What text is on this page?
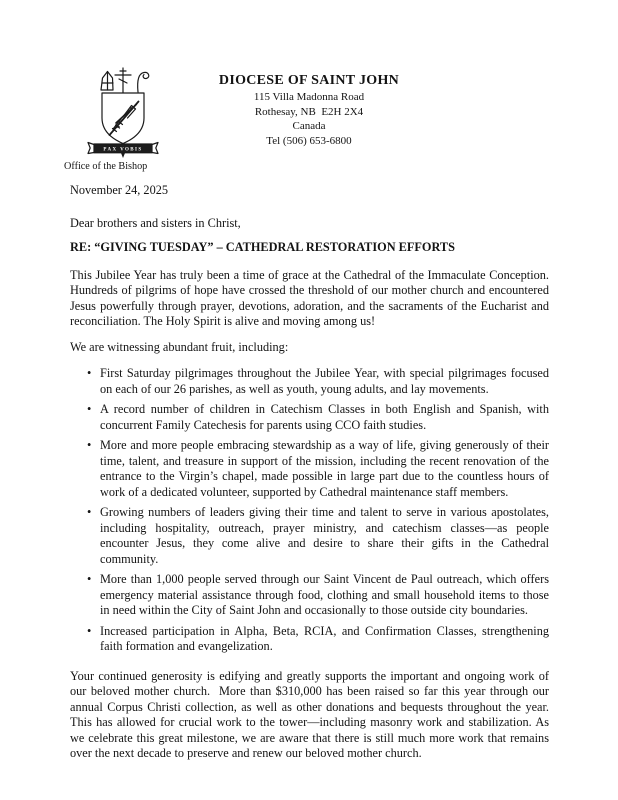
PAX VOBIS
DIOCESE OF SAINT JOHN
115 Villa Madonna Road
Rothesay, NB  E2H 2X4
Canada
Tel (506) 653-6800
Office of the Bishop

November 24, 2025

Dear brothers and sisters in Christ,

RE: “GIVING TUESDAY” – CATHEDRAL RESTORATION EFFORTS

This Jubilee Year has truly been a time of grace at the Cathedral of the Immaculate Conception. Hundreds of pilgrims of hope have crossed the threshold of our mother church and encountered Jesus powerfully through prayer, devotions, adoration, and the sacraments of the Eucharist and reconciliation. The Holy Spirit is alive and moving among us!

We are witnessing abundant fruit, including:

• First Saturday pilgrimages throughout the Jubilee Year, with special pilgrimages focused on each of our 26 parishes, as well as youth, young adults, and lay movements.
• A record number of children in Catechism Classes in both English and Spanish, with concurrent Family Catechesis for parents using CCO faith studies.
• More and more people embracing stewardship as a way of life, giving generously of their time, talent, and treasure in support of the mission, including the recent renovation of the entrance to the Virgin’s chapel, made possible in large part due to the countless hours of work of a dedicated volunteer, supported by Cathedral maintenance staff members.
• Growing numbers of leaders giving their time and talent to serve in various apostolates, including hospitality, outreach, prayer ministry, and catechism classes—as people encounter Jesus, they come alive and desire to share their gifts in the Cathedral community.
• More than 1,000 people served through our Saint Vincent de Paul outreach, which offers emergency material assistance through food, clothing and small household items to those in need within the City of Saint John and occasionally to those outside city boundaries.
• Increased participation in Alpha, Beta, RCIA, and Confirmation Classes, strengthening faith formation and evangelization.

Your continued generosity is edifying and greatly supports the important and ongoing work of our beloved mother church.  More than $310,000 has been raised so far this year through our annual Corpus Christi collection, as well as other donations and bequests throughout the year. This has allowed for crucial work to the tower—including masonry work and stabilization. As we celebrate this great milestone, we are aware that there is still much more work that remains over the next decade to preserve and renew our beloved mother church.
